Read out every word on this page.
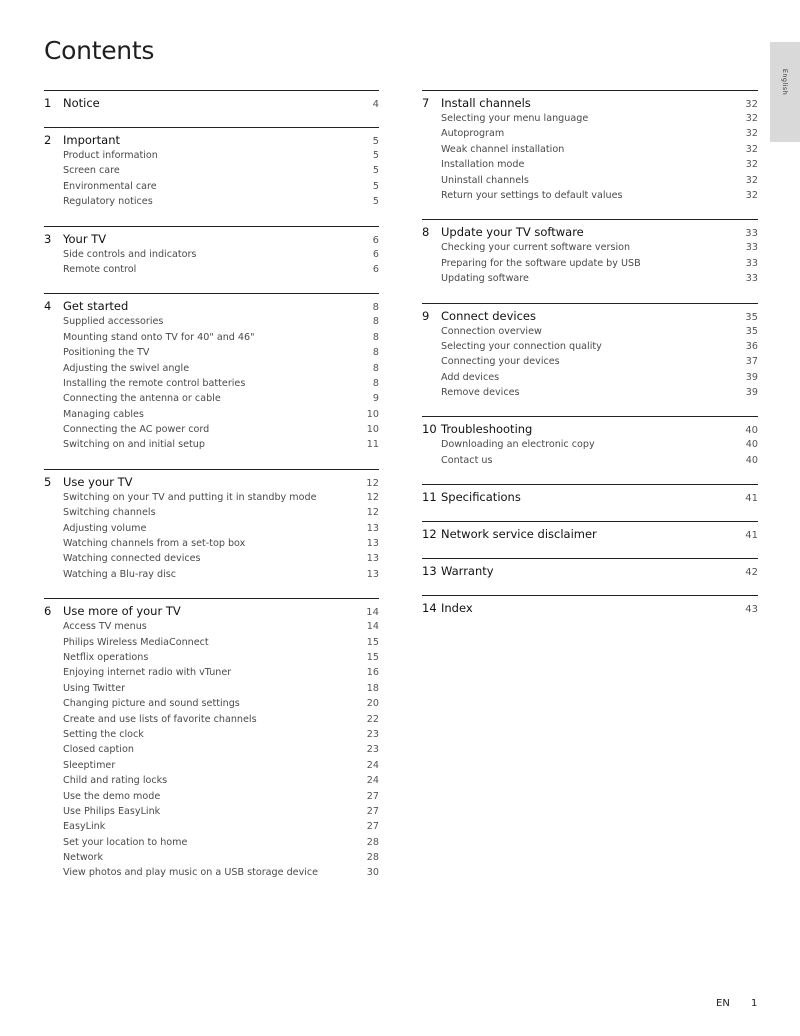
Contents
English
1 Notice	4
2 Important	5
Product information	5
Screen care	5
Environmental care	5
Regulatory notices	5
3 Your TV	6
Side controls and indicators	6
Remote control	6
4 Get started	8
Supplied accessories	8
Mounting stand onto TV for 40" and 46"	8
Positioning the TV	8
Adjusting the swivel angle	8
Installing the remote control batteries	8
Connecting the antenna or cable	9
Managing cables	10
Connecting the AC power cord	10
Switching on and initial setup	11
5 Use your TV	12
Switching on your TV and putting it in standby mode	12
Switching channels	12
Adjusting volume	13
Watching channels from a set-top box	13
Watching connected devices	13
Watching a Blu-ray disc	13
6 Use more of your TV	14
Access TV menus	14
Philips Wireless MediaConnect	15
Netflix operations	15
Enjoying internet radio with vTuner	16
Using Twitter	18
Changing picture and sound settings	20
Create and use lists of favorite channels	22
Setting the clock	23
Closed caption	23
Sleeptimer	24
Child and rating locks	24
Use the demo mode	27
Use Philips EasyLink	27
EasyLink	27
Set your location to home	28
Network	28
View photos and play music on a USB storage device	30
7 Install channels	32
Selecting your menu language	32
Autoprogram	32
Weak channel installation	32
Installation mode	32
Uninstall channels	32
Return your settings to default values	32
8 Update your TV software	33
Checking your current software version	33
Preparing for the software update by USB	33
Updating software	33
9 Connect devices	35
Connection overview	35
Selecting your connection quality	36
Connecting your devices	37
Add devices	39
Remove devices	39
10 Troubleshooting	40
Downloading an electronic copy	40
Contact us	40
11 Specifications	41
12 Network service disclaimer	41
13 Warranty	42
14 Index	43
EN 1
